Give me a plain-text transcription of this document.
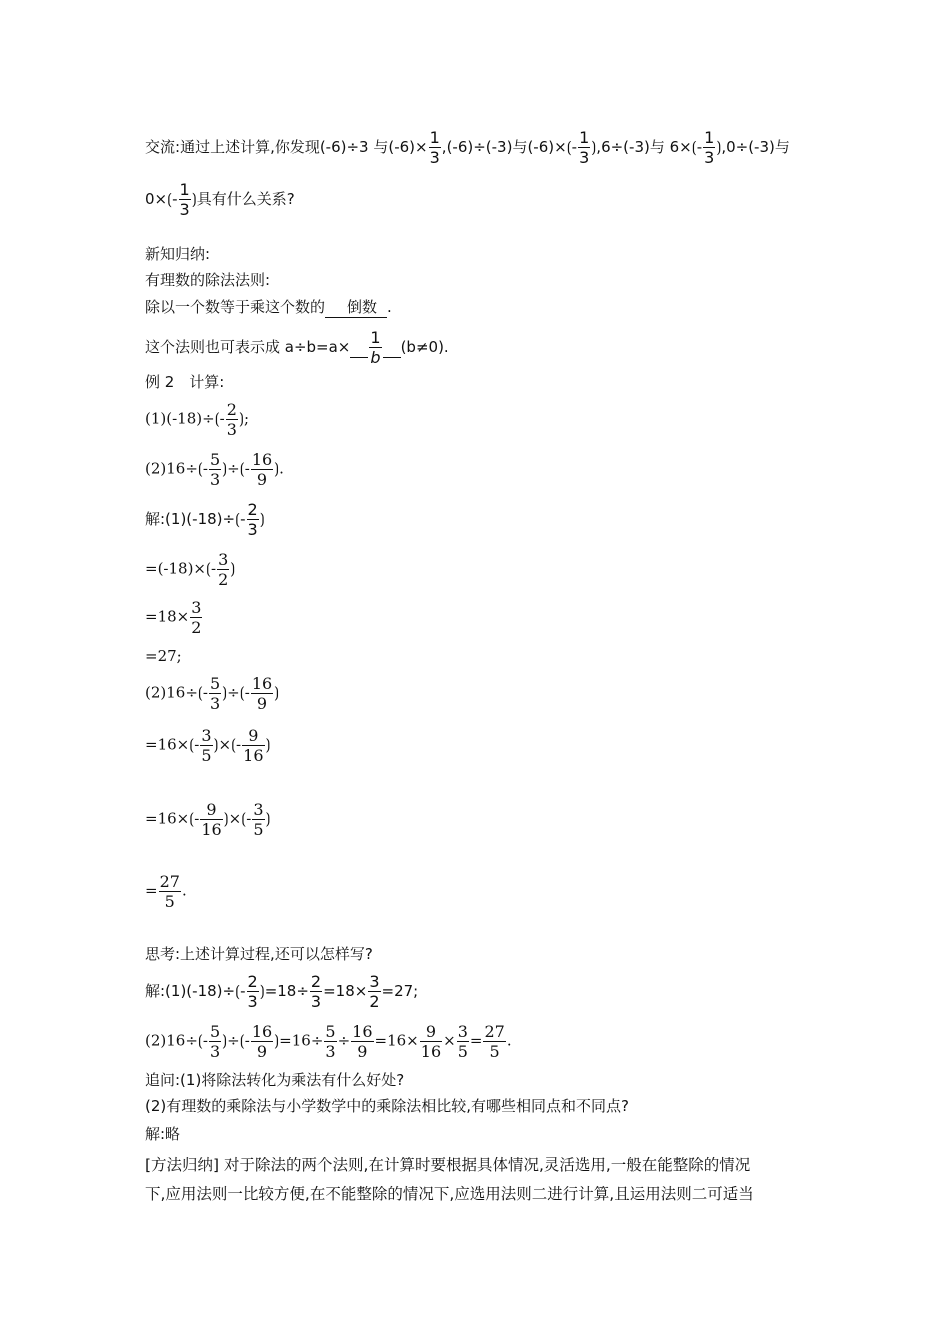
交流:通过上述计算,你发现(-6)÷3 与$(-6)\times \frac{1}{3} ,(-6)\div(-3)$与(-6)×⟮- $\frac{1}{3}$ ⟯,6÷(-3)与 6×⟮- $\frac{1}{3}$ ⟯,0÷(-3)与
0×⟮- $\frac{1}{3}$ ⟯具有什么关系?
新知归纳:
有理数的除法法则:
除以一个数等于乘这个数的 倒数 .
这个法则也可表示成 $a\div b=a\times \frac{1}{b} (b\ne 0)$.
例 2　计算:
(1)(-18)÷⟮- $\frac{2}{3}$ ⟯;
(2)16÷⟮- $\frac{5}{3}$ ⟯÷⟮- $\frac{16}{9}$ ⟯.
解:(1)(-18)÷⟮- $\frac{2}{3}$ ⟯
=(-18)×⟮- $\frac{3}{2}$ ⟯
$=18\times \frac{3}{2}$
=27;
(2)16÷⟮- $\frac{5}{3}$ ⟯÷⟮- $\frac{16}{9}$ ⟯
=16×⟮- $\frac{3}{5}$ ⟯×⟮- $\frac{9}{16}$ ⟯
=16×⟮- $\frac{9}{16}$ ⟯×⟮- $\frac{3}{5}$ ⟯
= $\frac{27}{5}$ .
思考:上述计算过程,还可以怎样写?
解:(1)(-18)÷⟮- $\frac{2}{3}$ ⟯=18÷ $\frac{2}{3} =18\times \frac{3}{2} =27$;
(2)16÷⟮- $\frac{5}{3}$ ⟯÷⟮- $\frac{16}{9}$ ⟯=16÷ $\frac{5}{3} \div \frac{16}{9} =16\times \frac{9}{16} \times \frac{3}{5} = \frac{27}{5}$ .
追问:(1)将除法转化为乘法有什么好处?
(2)有理数的乘除法与小学数学中的乘除法相比较,有哪些相同点和不同点?
解:略
[方法归纳] 对于除法的两个法则,在计算时要根据具体情况,灵活选用,一般在能整除的情况
下,应用法则一比较方便,在不能整除的情况下,应选用法则二进行计算,且运用法则二可适当
